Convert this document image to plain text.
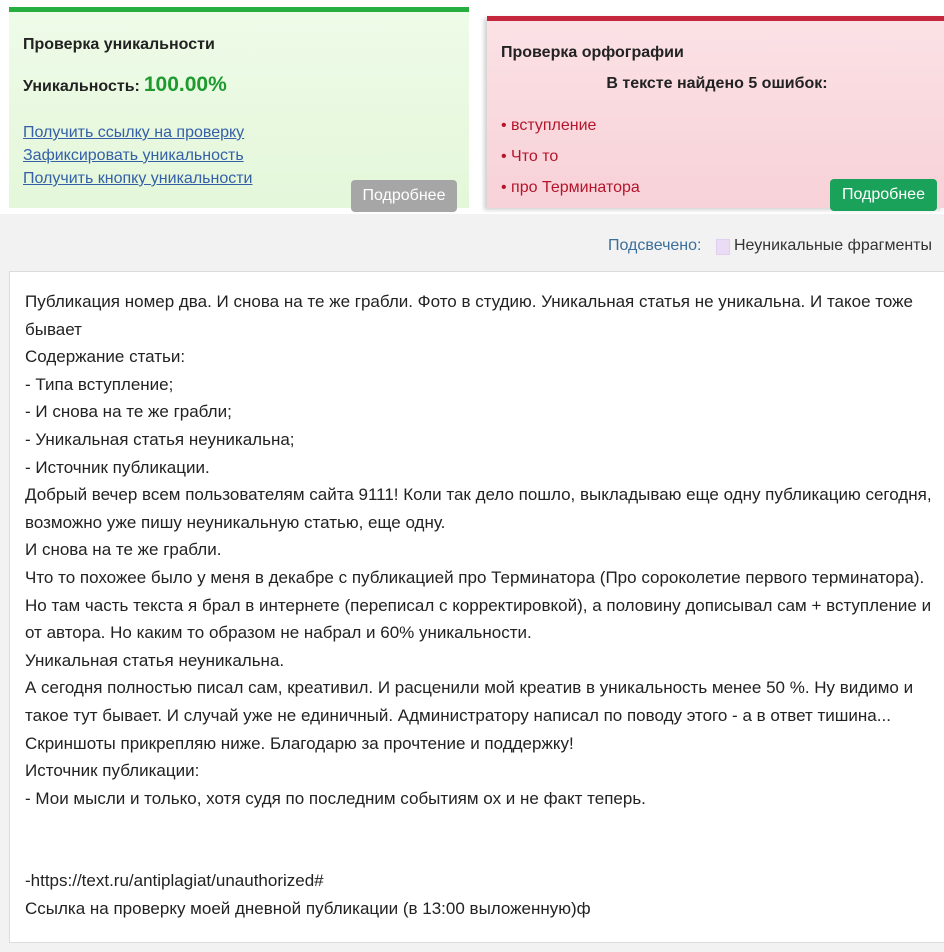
Проверка уникальности
Уникальность: 100.00%
Получить ссылку на проверку
Зафиксировать уникальность
Получить кнопку уникальности
Подробнее
Проверка орфографии
В тексте найдено 5 ошибок:
• вступление
• Что то
• про Терминатора	Подробнее
Подсвечено: Неуникальные фрагменты

Публикация номер два. И снова на те же грабли. Фото в студию. Уникальная статья не уникальна. И такое тоже бывает

Содержание статьи:

- Типа вступление;

- И снова на те же грабли;

- Уникальная статья неуникальна;

- Источник публикации.

Добрый вечер всем пользователям сайта 9111! Коли так дело пошло, выкладываю еще одну публикацию сегодня, возможно уже пишу неуникальную статью, еще одну.

И снова на те же грабли.

Что то похожее было у меня в декабре с публикацией про Терминатора (Про сороколетие первого терминатора). Но там часть текста я брал в интернете (переписал с корректировкой), а половину дописывал сам + вступление и от автора. Но каким то образом не набрал и 60% уникальности.

Уникальная статья неуникальна.

А сегодня полностью писал сам, креативил. И расценили мой креатив в уникальность менее 50 %. Ну видимо и такое тут бывает. И случай уже не единичный. Администратору написал по поводу этого - а в ответ тишина... Скриншоты прикрепляю ниже. Благодарю за прочтение и поддержку!

Источник публикации:

- Мои мысли и только, хотя судя по последним событиям ох и не факт теперь.

-https://text.ru/antiplagiat/unauthorized#

Ссылка на проверку моей дневной публикации (в 13:00 выложенную)ф
